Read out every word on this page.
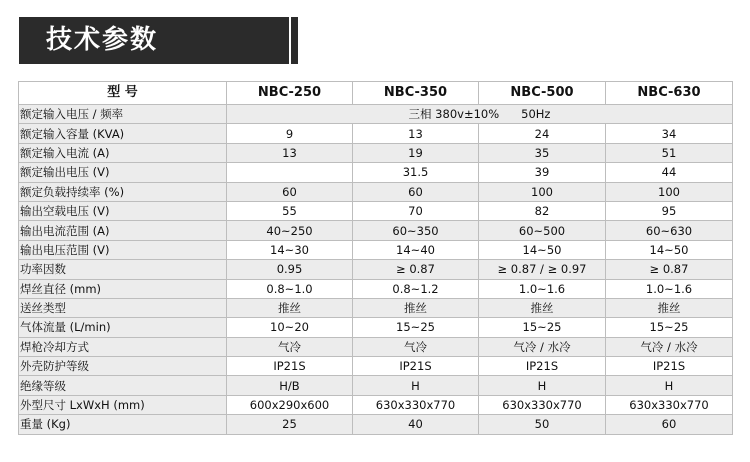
技术参数
型 号	NBC-250	NBC-350	NBC-500	NBC-630
额定输入电压 / 频率	三相 380v±10% 50Hz			
额定输入容量 (KVA)	9	13	24	34
额定输入电流 (A)	13	19	35	51
额定输出电压 (V)		31.5	39	44
额定负载持续率 (%)	60	60	100	100
输出空载电压 (V)	55	70	82	95
输出电流范围 (A)	40~250	60~350	60~500	60~630
输出电压范围 (V)	14~30	14~40	14~50	14~50
功率因数	0.95	≥ 0.87	≥ 0.87 / ≥ 0.97	≥ 0.87
焊丝直径 (mm)	0.8~1.0	0.8~1.2	1.0~1.6	1.0~1.6
送丝类型	推丝	推丝	推丝	推丝
气体流量 (L/min)	10~20	15~25	15~25	15~25
焊枪冷却方式	气冷	气冷	气冷 / 水冷	气冷 / 水冷
外壳防护等级	IP21S	IP21S	IP21S	IP21S
绝缘等级	H/B	H	H	H
外型尺寸 LxWxH (mm)	600x290x600	630x330x770	630x330x770	630x330x770
重量 (Kg)	25	40	50	60
